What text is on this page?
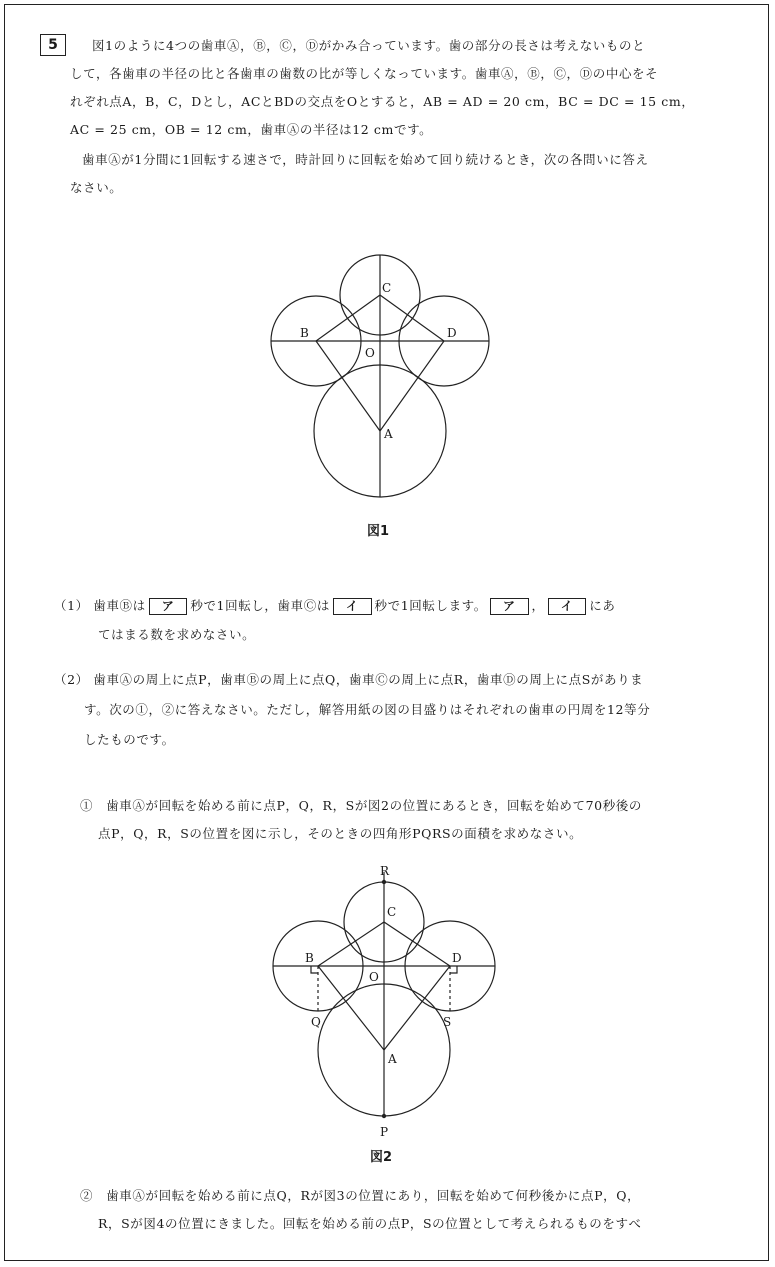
5	図1のように4つの歯車Ⓐ，Ⓑ，Ⓒ，Ⓓがかみ合っています。歯の部分の長さは考えないものと
して，各歯車の半径の比と各歯車の歯数の比が等しくなっています。歯車Ⓐ，Ⓑ，Ⓒ，Ⓓの中心をそ
れぞれ点A，B，C，Dとし，ACとBDの交点をOとすると，AB = AD = 20 cm，BC = DC = 15 cm，
AC = 25 cm，OB = 12 cm，歯車Ⓐの半径は12 cmです。
歯車Ⓐが1分間に1回転する速さで，時計回りに回転を始めて回り続けるとき，次の各問いに答え
なさい。
C
B	D
O
A
図1
（1） 歯車Ⓑは ア 秒で1回転し，歯車Ⓒは イ 秒で1回転します。 ア ， イ にあ
てはまる数を求めなさい。
（2） 歯車Ⓐの周上に点P，歯車Ⓑの周上に点Q，歯車Ⓒの周上に点R，歯車Ⓓの周上に点Sがありま
す。次の①，②に答えなさい。ただし，解答用紙の図の目盛りはそれぞれの歯車の円周を12等分
したものです。
①　歯車Ⓐが回転を始める前に点P，Q，R，Sが図2の位置にあるとき，回転を始めて70秒後の
点P，Q，R，Sの位置を図に示し，そのときの四角形PQRSの面積を求めなさい。
R
C
B	D
O
Q	S
A
P
図2
②　歯車Ⓐが回転を始める前に点Q，Rが図3の位置にあり，回転を始めて何秒後かに点P，Q，
R，Sが図4の位置にきました。回転を始める前の点P，Sの位置として考えられるものをすべ
